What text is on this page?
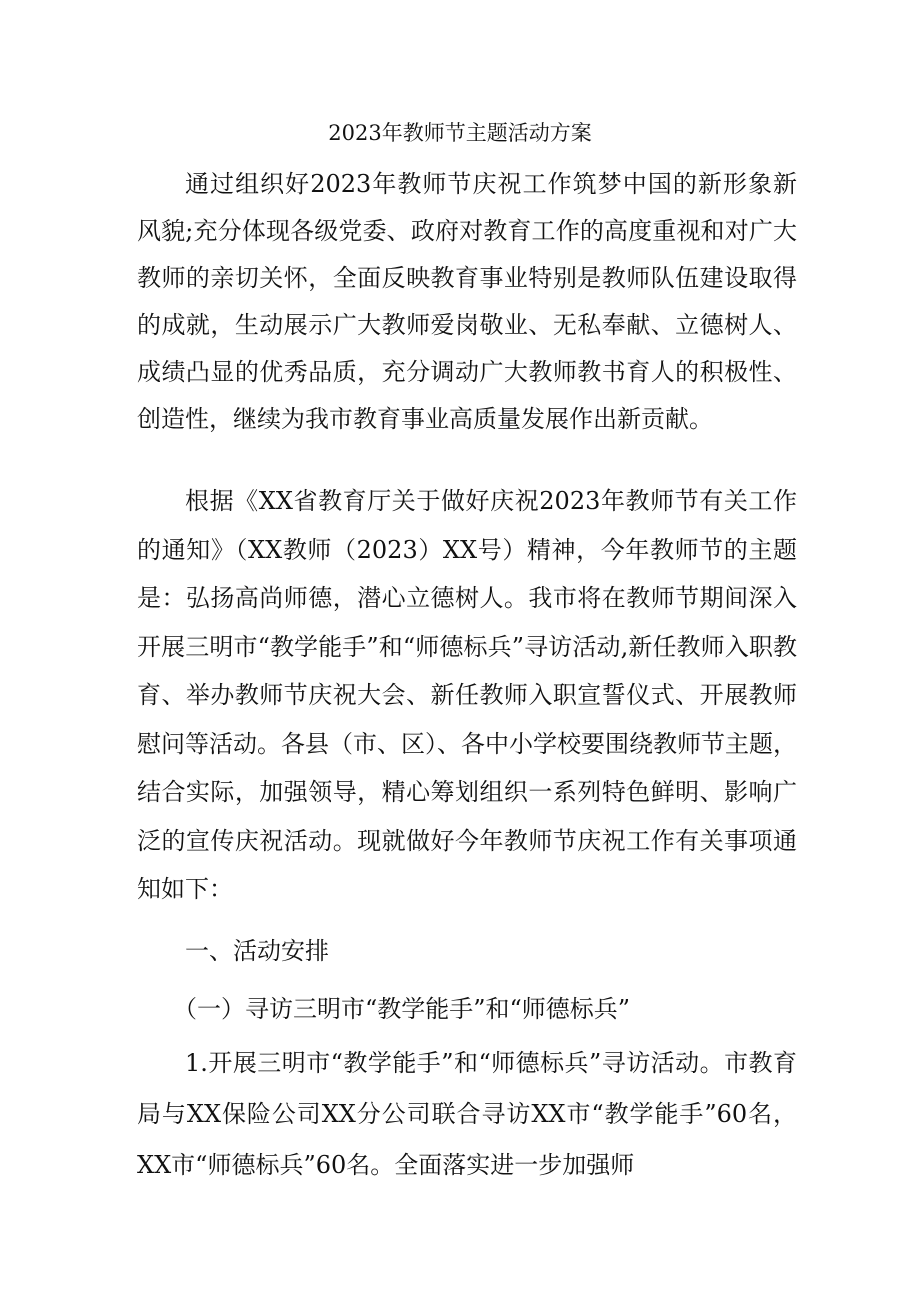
2023年教师节主题活动方案

通过组织好2023年教师节庆祝工作筑梦中国的新形象新风貌;充分体现各级党委、政府对教育工作的高度重视和对广大教师的亲切关怀，全面反映教育事业特别是教师队伍建设取得的成就，生动展示广大教师爱岗敬业、无私奉献、立德树人、成绩凸显的优秀品质，充分调动广大教师教书育人的积极性、创造性，继续为我市教育事业高质量发展作出新贡献。

根据《XX省教育厅关于做好庆祝2023年教师节有关工作的通知》（XX教师（2023）XX号）精神，今年教师节的主题是：弘扬高尚师德，潜心立德树人。我市将在教师节期间深入开展三明市“教学能手”和“师德标兵”寻访活动,新任教师入职教育、举办教师节庆祝大会、新任教师入职宣誓仪式、开展教师慰问等活动。各县（市、区）、各中小学校要围绕教师节主题，结合实际，加强领导，精心筹划组织一系列特色鲜明、影响广泛的宣传庆祝活动。现就做好今年教师节庆祝工作有关事项通知如下：

一、活动安排

（一）寻访三明市“教学能手”和“师德标兵”

1.开展三明市“教学能手”和“师德标兵”寻访活动。市教育局与XX保险公司XX分公司联合寻访XX市“教学能手”60名，XX市“师德标兵”60名。全面落实进一步加强师
